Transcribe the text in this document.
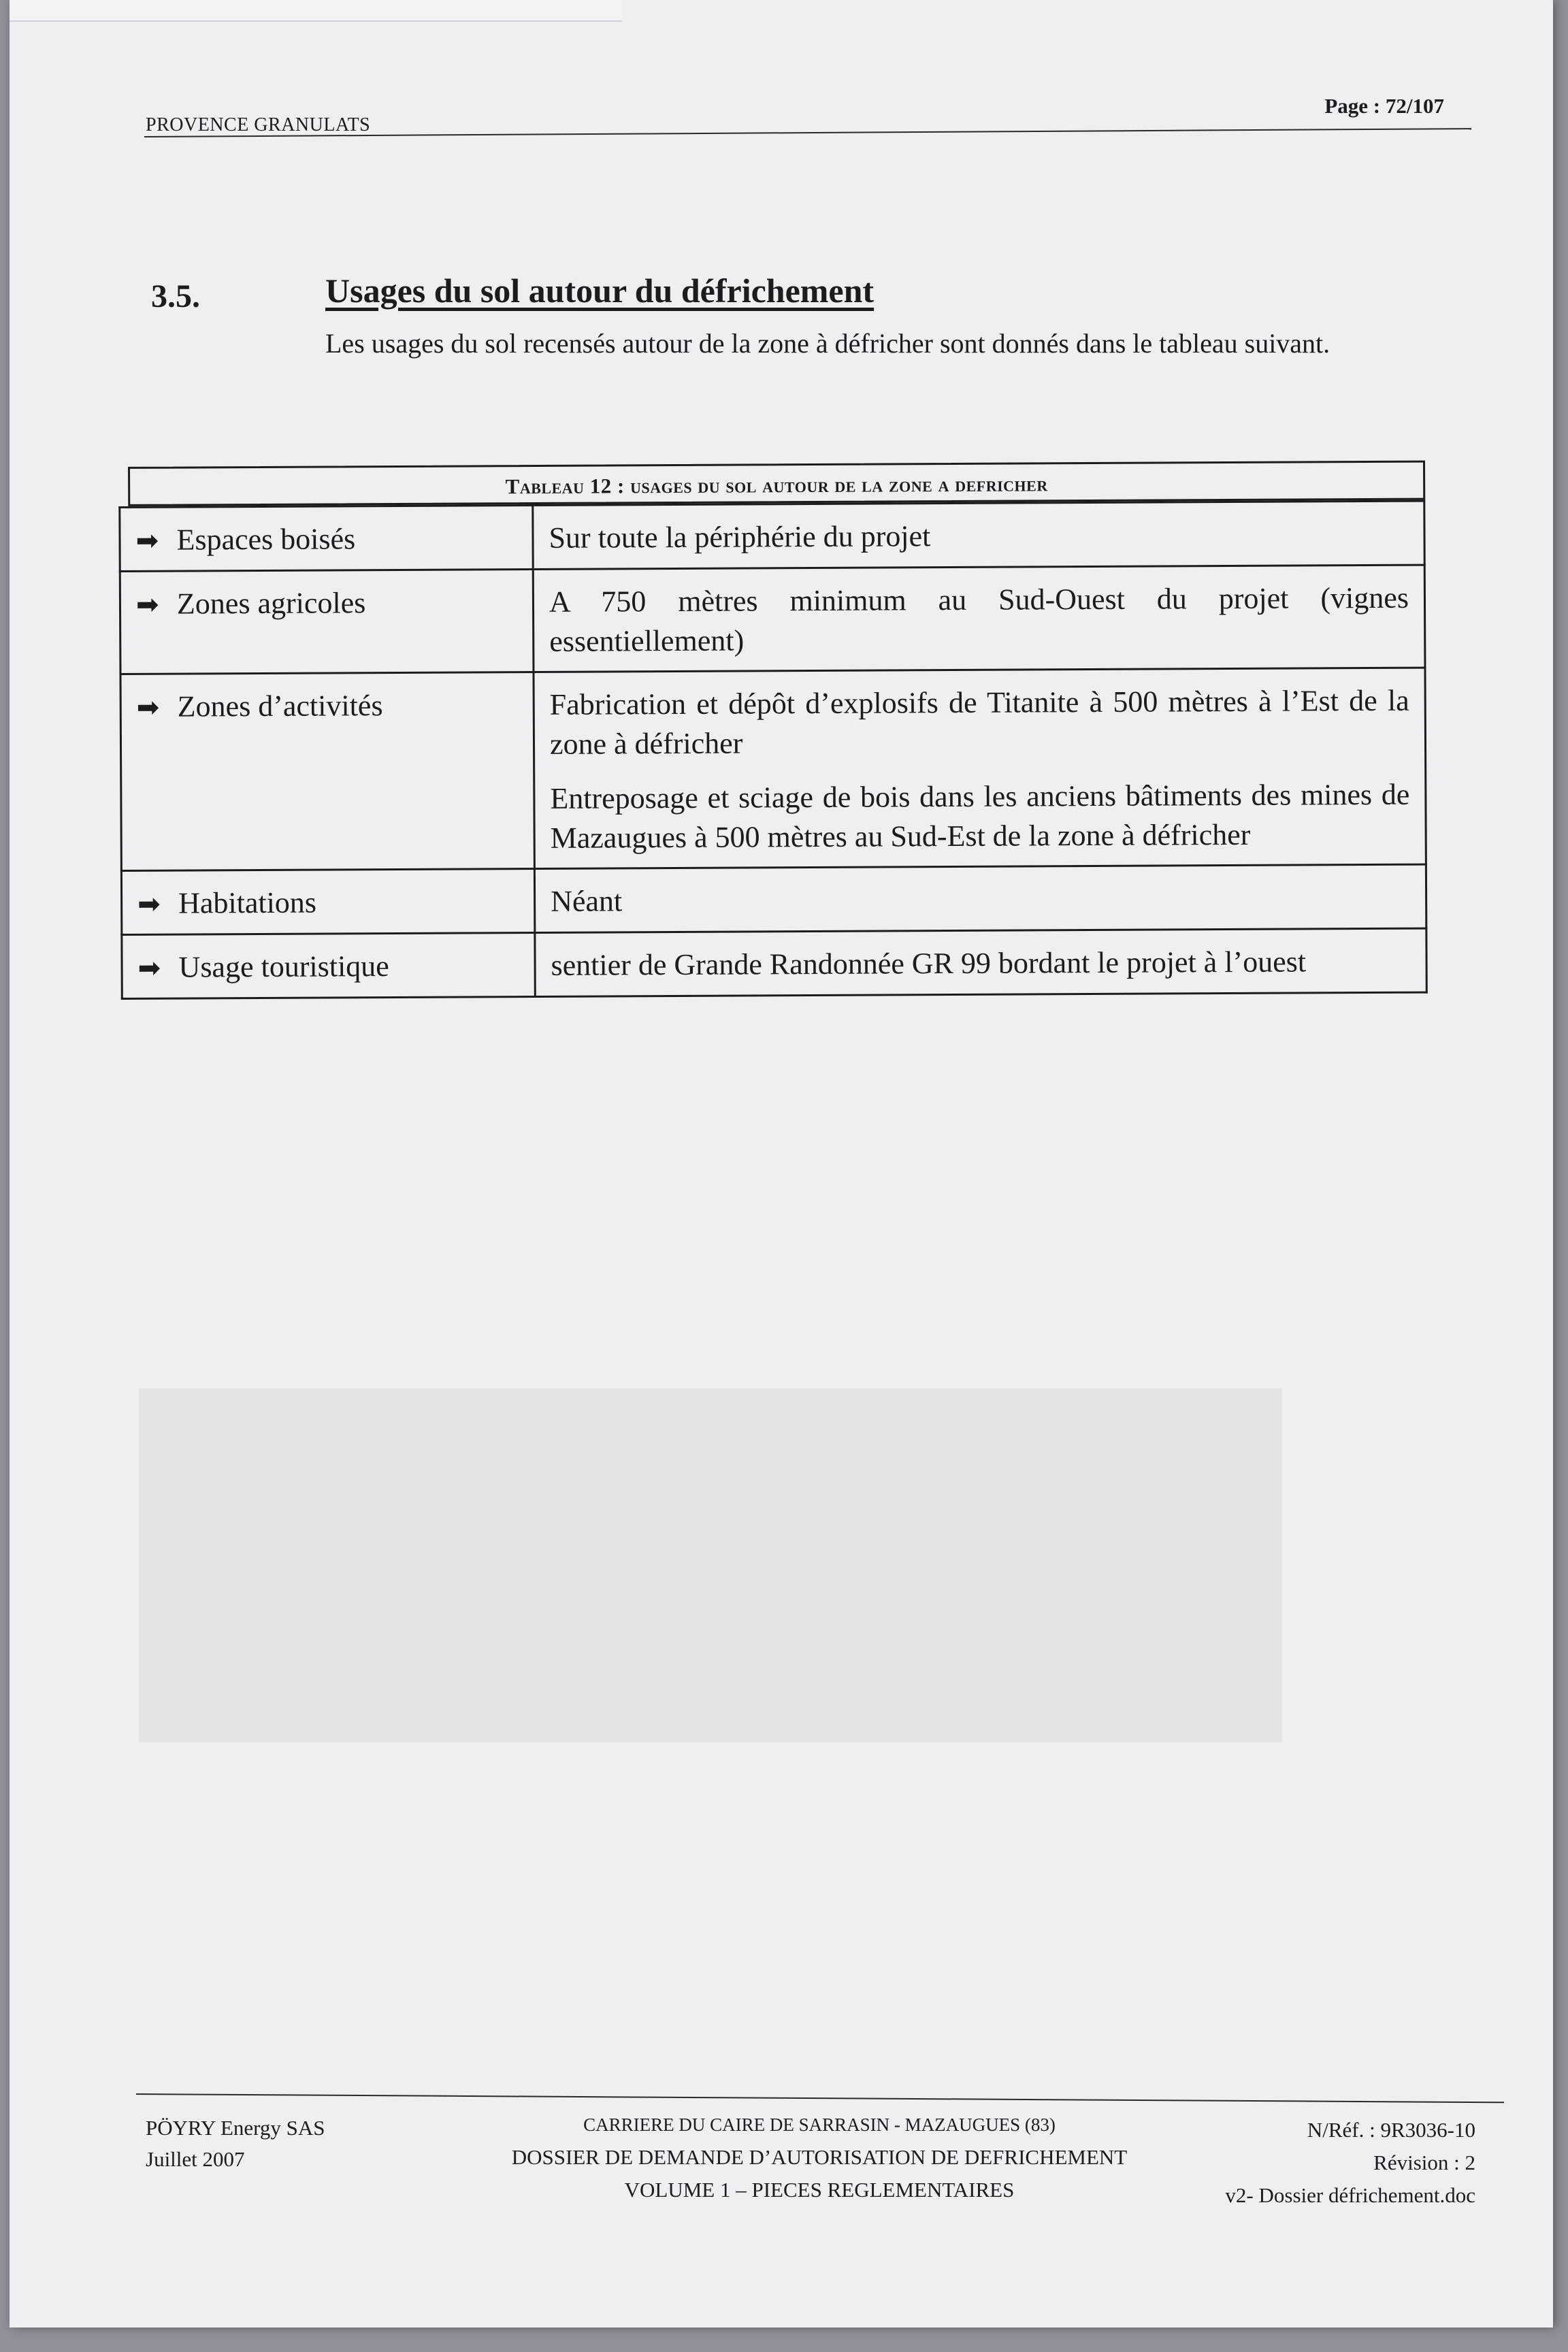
PROVENCE GRANULATS
Page : 72/107
3.5.	Usages du sol autour du défrichement
Les usages du sol recensés autour de la zone à défricher sont donnés dans le tableau suivant.
Tableau 12 : usages du sol autour de la zone a defricher
➡ Espaces boisés	Sur toute la périphérie du projet

➡ Zones agricoles	A 750 mètres minimum au Sud-Ouest du projet (vignes essentiellement)

➡ Zones d’activités	Fabrication et dépôt d’explosifs de Titanite à 500 mètres à l’Est de la zone à défricher

Entreposage et sciage de bois dans les anciens bâtiments des mines de Mazaugues à 500 mètres au Sud-Est de la zone à défricher

➡ Habitations	Néant

➡ Usage touristique	sentier de Grande Randonnée GR 99 bordant le projet à l’ouest

PÖYRY Energy SAS
Juillet 2007
CARRIERE DU CAIRE DE SARRASIN - MAZAUGUES (83)
DOSSIER DE DEMANDE D’AUTORISATION DE DEFRICHEMENT
VOLUME 1 – PIECES REGLEMENTAIRES
N/Réf. : 9R3036-10
Révision : 2
v2- Dossier défrichement.doc
